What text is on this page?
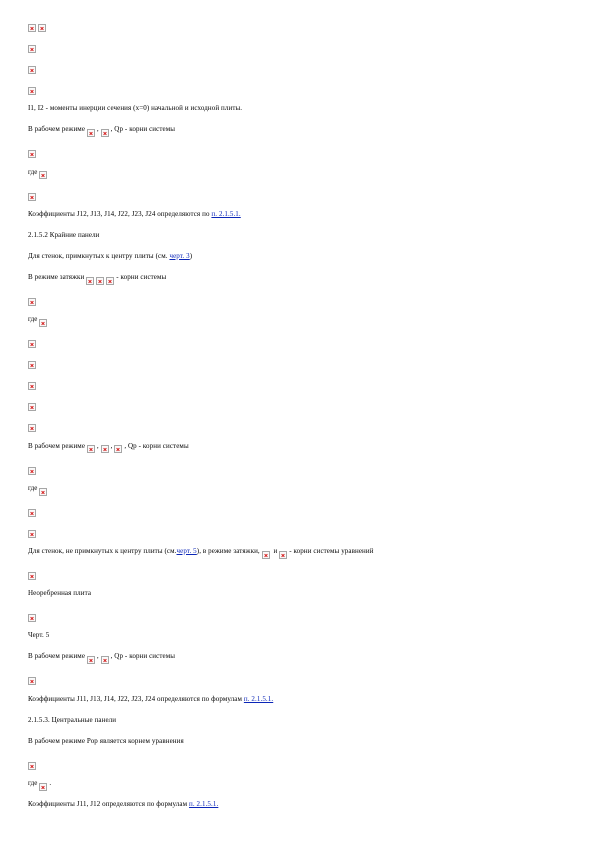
I1, I2 - моменты инерции сечения (x=0) начальной и исходной плиты.
В рабочем режиме
, , Qp - корни системы
где

Коэффициенты J12, J13, J14, J22, J23, J24 определяются по п. 2.1.5.1.
2.1.5.2 Крайние панели
Для стенок, примкнутых к центру плиты (см. черт. 3)
В режиме затяжки
	- корни системы
где

В рабочем режиме
,
, , Qp - корни системы
где

Для стенок, не примкнутых к центру плиты (см. черт. 5 ), в режиме затяжки,

и
- корни системы уравнений
Неоребренная плита
Черт. 5
В рабочем режиме
, , Qp - корни системы
Коэффициенты J11, J13, J14, J22, J23, J24 определяются по формулам п. 2.1.5.1.
2.1.5.3. Центральные панели
В рабочем режиме Рор является корнем уравнения
где
.
Коэффициенты J11, J12 определяются по формулам п. 2.1.5.1.
